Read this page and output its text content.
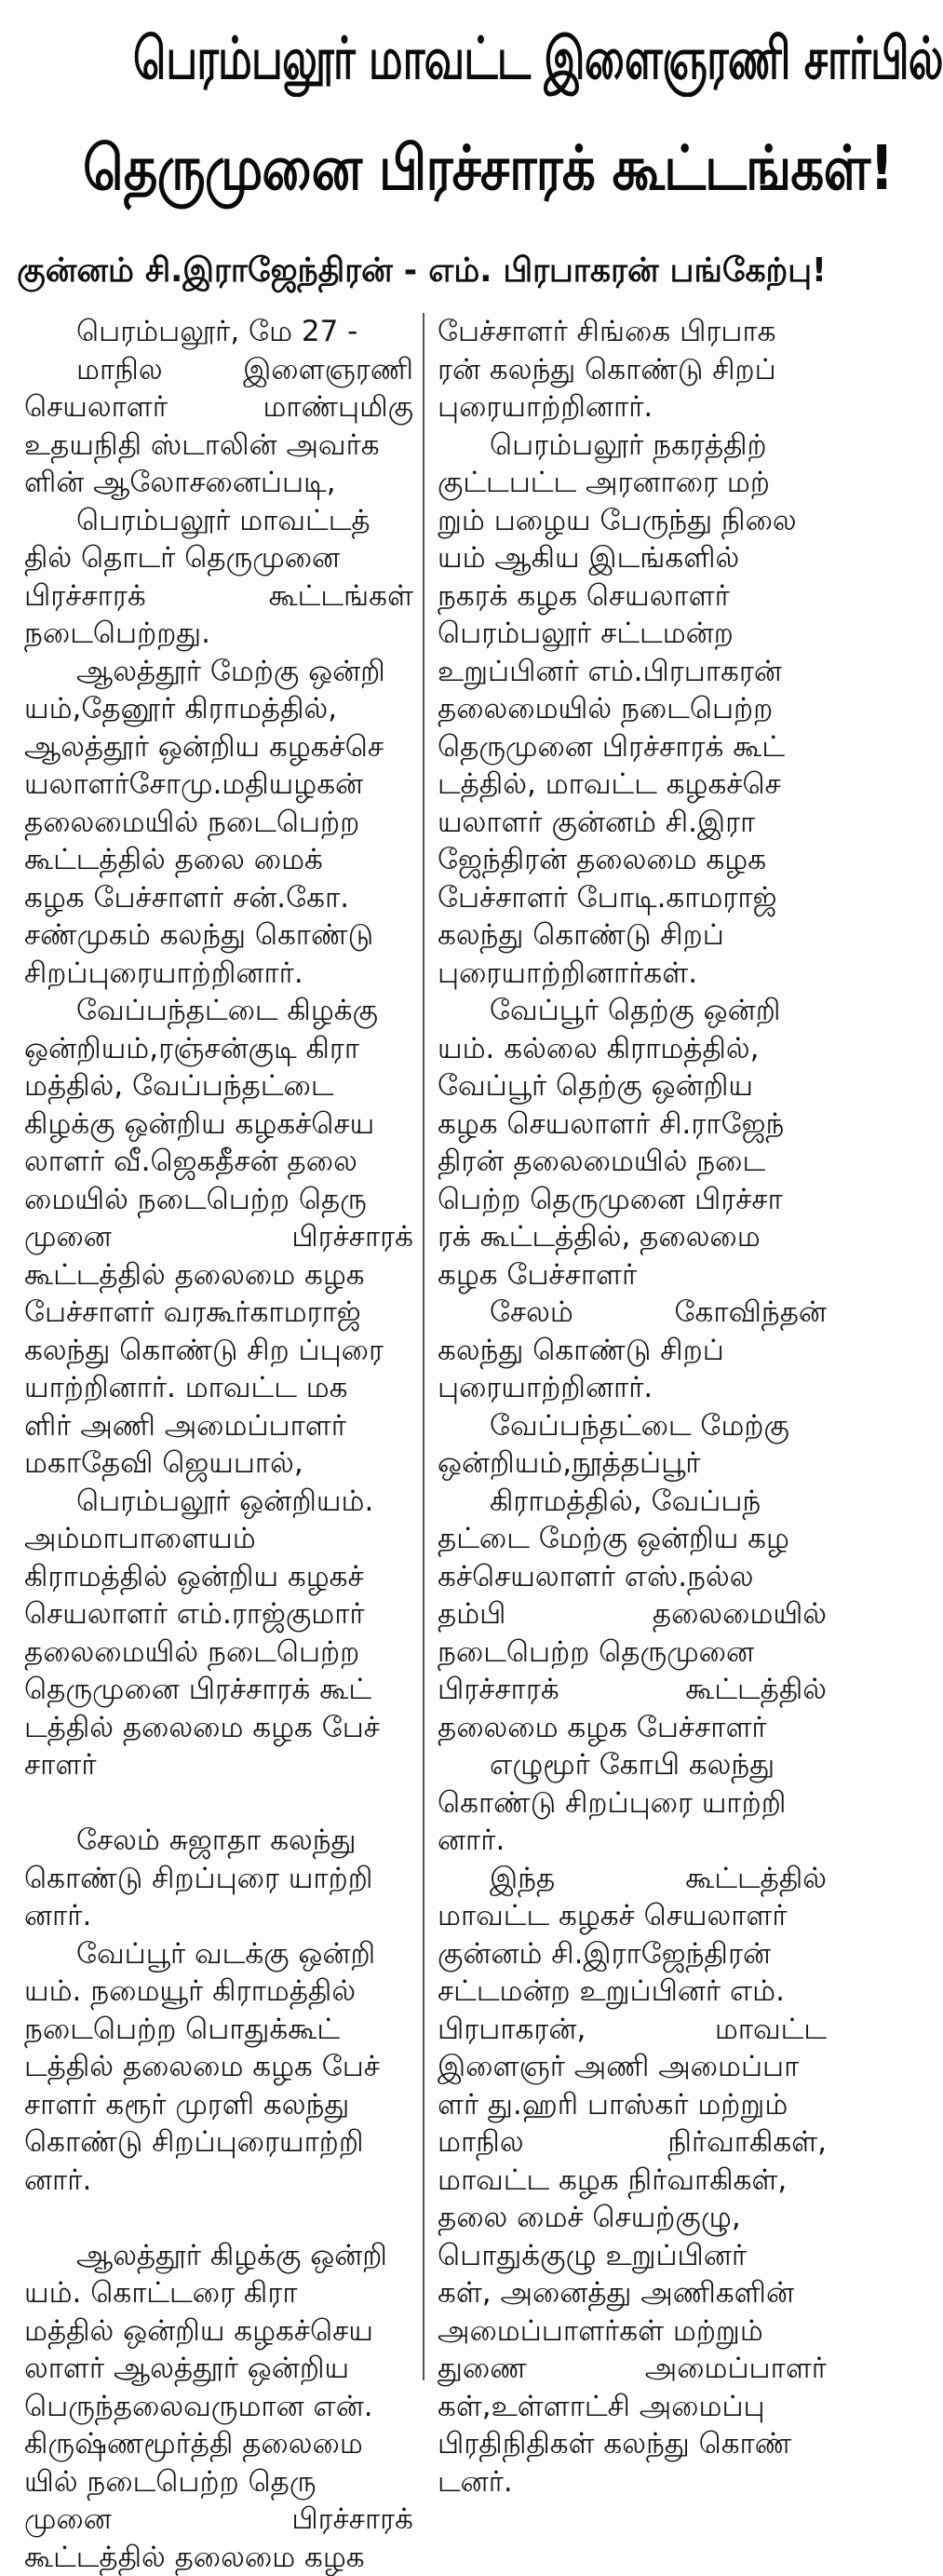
பெரம்பலூர் மாவட்ட இளைஞரணி சார்பில்
தெருமுனை பிரச்சாரக் கூட்டங்கள்!
குன்னம் சி.இராஜேந்திரன் - எம். பிரபாகரன் பங்கேற்பு!
பெரம்பலூர், மே 27 -
மாநில இளைஞரணி
செயலாளர் மாண்புமிகு
உதயநிதி ஸ்டாலின் அவர்க
ளின் ஆலோசனைப்படி,
பெரம்பலூர் மாவட்டத்
தில் தொடர் தெருமுனை
பிரச்சாரக் கூட்டங்கள்
நடைபெற்றது.
ஆலத்தூர் மேற்கு ஒன்றி
யம்,தேனூர் கிராமத்தில்,
ஆலத்தூர் ஒன்றிய கழகச்செ
யலாளர்சோமு.மதியழகன்
தலைமையில் நடைபெற்ற
கூட்டத்தில் தலை மைக்
கழக பேச்சாளர் சன்.கோ.
சண்முகம் கலந்து கொண்டு
சிறப்புரையாற்றினார்.
வேப்பந்தட்டை கிழக்கு
ஒன்றியம்,ரஞ்சன்குடி கிரா
மத்தில், வேப்பந்தட்டை
கிழக்கு ஒன்றிய கழகச்செய
லாளர் வீ.ஜெகதீசன் தலை
மையில் நடைபெற்ற தெரு
முனை பிரச்சாரக்
கூட்டத்தில் தலைமை கழக
பேச்சாளர் வரகூர்காமராஜ்
கலந்து கொண்டு சிற ப்புரை
யாற்றினார். மாவட்ட மக
ளிர் அணி அமைப்பாளர்
மகாதேவி ஜெயபால்,
பெரம்பலூர் ஒன்றியம்.
அம்மாபாளையம்
கிராமத்தில் ஒன்றிய கழகச்
செயலாளர் எம்.ராஜ்குமார்
தலைமையில் நடைபெற்ற
தெருமுனை பிரச்சாரக் கூட்
டத்தில் தலைமை கழக பேச்
சாளர்
சேலம் சுஜாதா கலந்து
கொண்டு சிறப்புரை யாற்றி
னார்.
வேப்பூர் வடக்கு ஒன்றி
யம். நமையூர் கிராமத்தில்
நடைபெற்ற பொதுக்கூட்
டத்தில் தலைமை கழக பேச்
சாளர் கரூர் முரளி கலந்து
கொண்டு சிறப்புரையாற்றி
னார்.
ஆலத்தூர் கிழக்கு ஒன்றி
யம். கொட்டரை கிரா
மத்தில் ஒன்றிய கழகச்செய
லாளர் ஆலத்தூர் ஒன்றிய
பெருந்தலைவருமான என்.
கிருஷ்ணமூர்த்தி தலைமை
யில் நடைபெற்ற தெரு
முனை பிரச்சாரக்
கூட்டத்தில் தலைமை கழக
பேச்சாளர் சிங்கை பிரபாக
ரன் கலந்து கொண்டு சிறப்
புரையாற்றினார்.
பெரம்பலூர் நகரத்திற்
குட்டபட்ட அரனாரை மற்
றும் பழைய பேருந்து நிலை
யம் ஆகிய இடங்களில்
நகரக் கழக செயலாளர்
பெரம்பலூர் சட்டமன்ற
உறுப்பினர் எம்.பிரபாகரன்
தலைமையில் நடைபெற்ற
தெருமுனை பிரச்சாரக் கூட்
டத்தில், மாவட்ட கழகச்செ
யலாளர் குன்னம் சி.இரா
ஜேந்திரன் தலைமை கழக
பேச்சாளர் போடி.காமராஜ்
கலந்து கொண்டு சிறப்
புரையாற்றினார்கள்.
வேப்பூர் தெற்கு ஒன்றி
யம். கல்லை கிராமத்தில்,
வேப்பூர் தெற்கு ஒன்றிய
கழக செயலாளர் சி.ராஜேந்
திரன் தலைமையில் நடை
பெற்ற தெருமுனை பிரச்சா
ரக் கூட்டத்தில், தலைமை
கழக பேச்சாளர்
சேலம் கோவிந்தன்
கலந்து கொண்டு சிறப்
புரையாற்றினார்.
வேப்பந்தட்டை மேற்கு
ஒன்றியம்,நூத்தப்பூர்
கிராமத்தில், வேப்பந்
தட்டை மேற்கு ஒன்றிய கழ
கச்செயலாளர் எஸ்.நல்ல
தம்பி தலைமையில்
நடைபெற்ற தெருமுனை
பிரச்சாரக் கூட்டத்தில்
தலைமை கழக பேச்சாளர்
எழுமூர் கோபி கலந்து
கொண்டு சிறப்புரை யாற்றி
னார்.
இந்த கூட்டத்தில்
மாவட்ட கழகச் செயலாளர்
குன்னம் சி.இராஜேந்திரன்
சட்டமன்ற உறுப்பினர் எம்.
பிரபாகரன், மாவட்ட
இளைஞர் அணி அமைப்பா
ளர் து.ஹரி பாஸ்கர் மற்றும்
மாநில நிர்வாகிகள்,
மாவட்ட கழக நிர்வாகிகள்,
தலை மைச் செயற்குழு,
பொதுக்குழு உறுப்பினர்
கள், அனைத்து அணிகளின்
அமைப்பாளர்கள் மற்றும்
துணை அமைப்பாளர்
கள்,உள்ளாட்சி அமைப்பு
பிரதிநிதிகள் கலந்து கொண்
டனர்.
